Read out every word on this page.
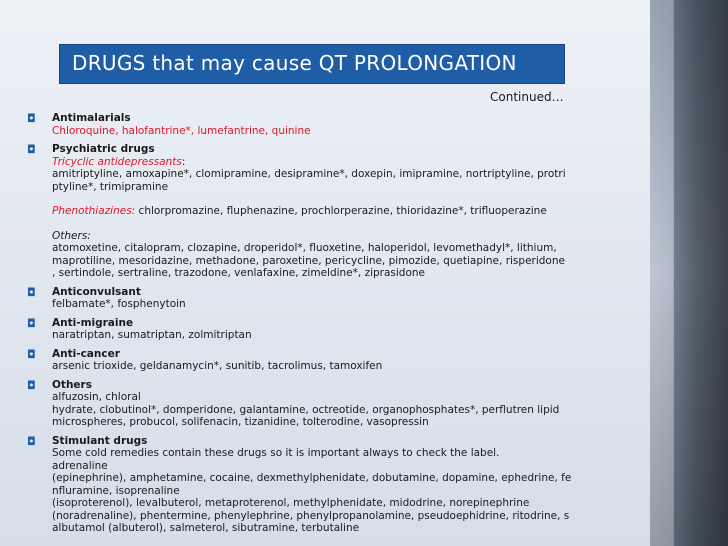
DRUGS that may cause QT PROLONGATION
Continued…
◘ Antimalarials
Chloroquine, halofantrine*, lumefantrine, quinine
◘ Psychiatric drugs
Tricyclic antidepressants:
amitriptyline, amoxapine*, clomipramine, desipramine*, doxepin, imipramine, nortriptyline, protri
ptyline*, trimipramine
Phenothiazines: chlorpromazine, fluphenazine, prochlorperazine, thioridazine*, trifluoperazine
Others:
atomoxetine, citalopram, clozapine, droperidol*, fluoxetine, haloperidol, levomethadyl*, lithium,
maprotiline, mesoridazine, methadone, paroxetine, pericycline, pimozide, quetiapine, risperidone
, sertindole, sertraline, trazodone, venlafaxine, zimeldine*, ziprasidone
◘ Anticonvulsant
felbamate*, fosphenytoin
◘ Anti-migraine
naratriptan, sumatriptan, zolmitriptan
◘ Anti-cancer
arsenic trioxide, geldanamycin*, sunitib, tacrolimus, tamoxifen
◘ Others
alfuzosin, chloral
hydrate, clobutinol*, domperidone, galantamine, octreotide, organophosphates*, perflutren lipid
microspheres, probucol, solifenacin, tizanidine, tolterodine, vasopressin
◘ Stimulant drugs
Some cold remedies contain these drugs so it is important always to check the label.
adrenaline
(epinephrine), amphetamine, cocaine, dexmethylphenidate, dobutamine, dopamine, ephedrine, fe
nfluramine, isoprenaline
(isoproterenol), levalbuterol, metaproterenol, methylphenidate, midodrine, norepinephrine
(noradrenaline), phentermine, phenylephrine, phenylpropanolamine, pseudoephidrine, ritodrine, s
albutamol (albuterol), salmeterol, sibutramine, terbutaline
